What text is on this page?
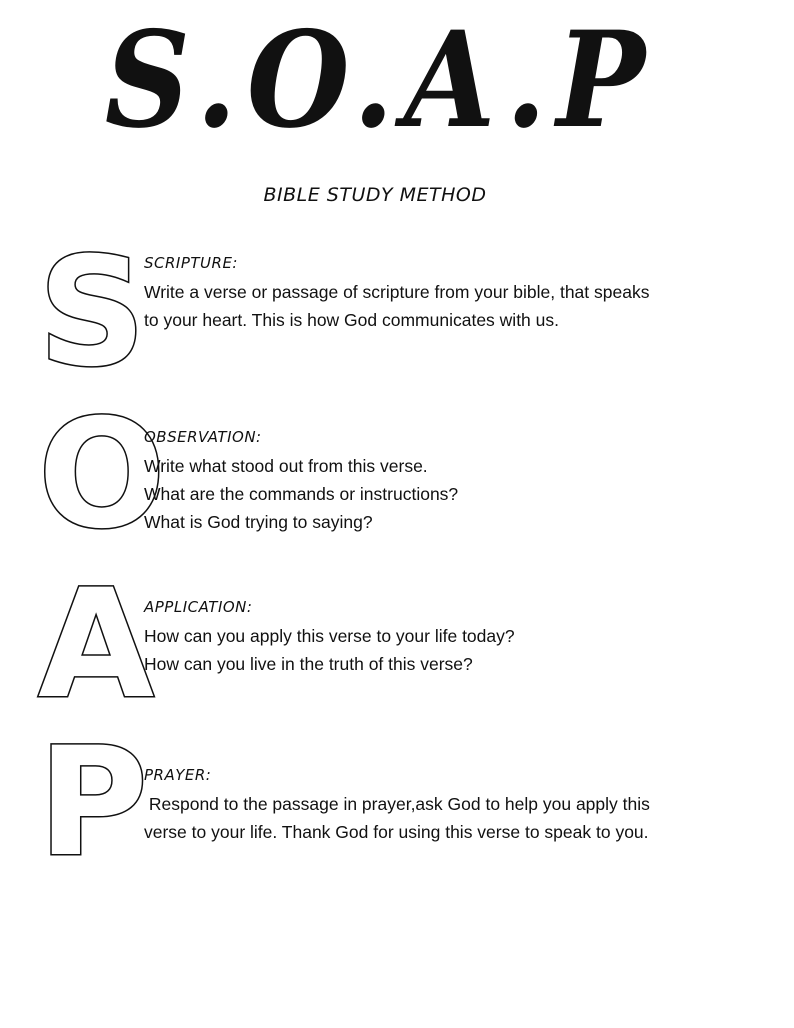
S.O.A.P
BIBLE STUDY METHOD
S
SCRIPTURE:
Write a verse or passage of scripture from your bible, that speaks
to your heart. This is how God communicates with us.
O
OBSERVATION:
Write what stood out from this verse.
What are the commands or instructions?
What is God trying to saying?
A
APPLICATION:
How can you apply this verse to your life today?
How can you live in the truth of this verse?
P
PRAYER:
Respond to the passage in prayer,ask God to help you apply this
verse to your life. Thank God for using this verse to speak to you.
